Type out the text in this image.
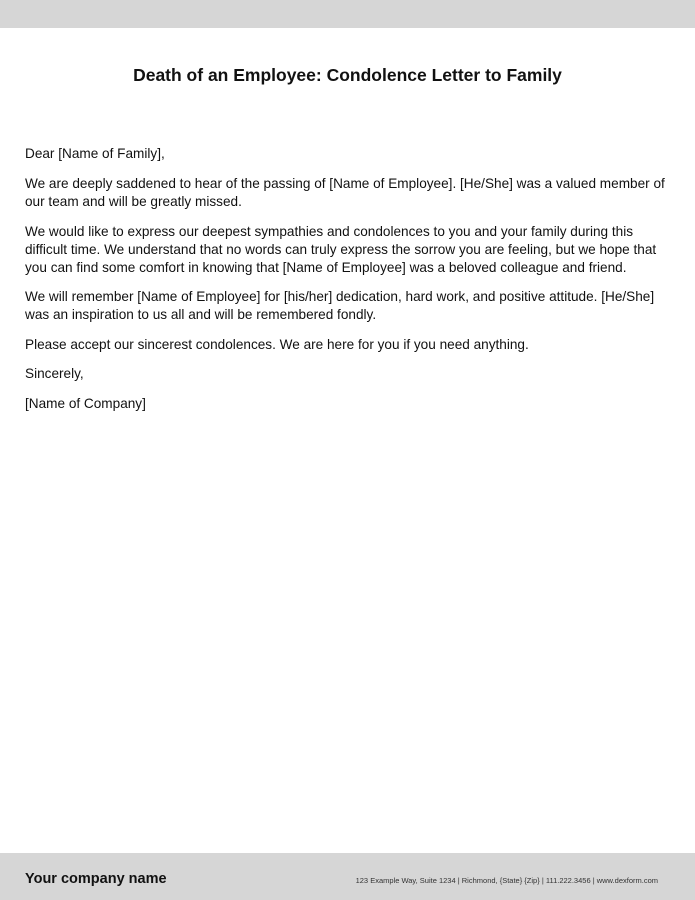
Death of an Employee: Condolence Letter to Family

Dear [Name of Family],

We are deeply saddened to hear of the passing of [Name of Employee]. [He/She] was a valued member of our team and will be greatly missed.

We would like to express our deepest sympathies and condolences to you and your family during this difficult time. We understand that no words can truly express the sorrow you are feeling, but we hope that you can find some comfort in knowing that [Name of Employee] was a beloved colleague and friend.

We will remember [Name of Employee] for [his/her] dedication, hard work, and positive attitude. [He/She] was an inspiration to us all and will be remembered fondly.

Please accept our sincerest condolences. We are here for you if you need anything.

Sincerely,

[Name of Company]

Your company name	123 Example Way, Suite 1234 | Richmond, {State} {Zip} | 111.222.3456 | www.dexform.com
